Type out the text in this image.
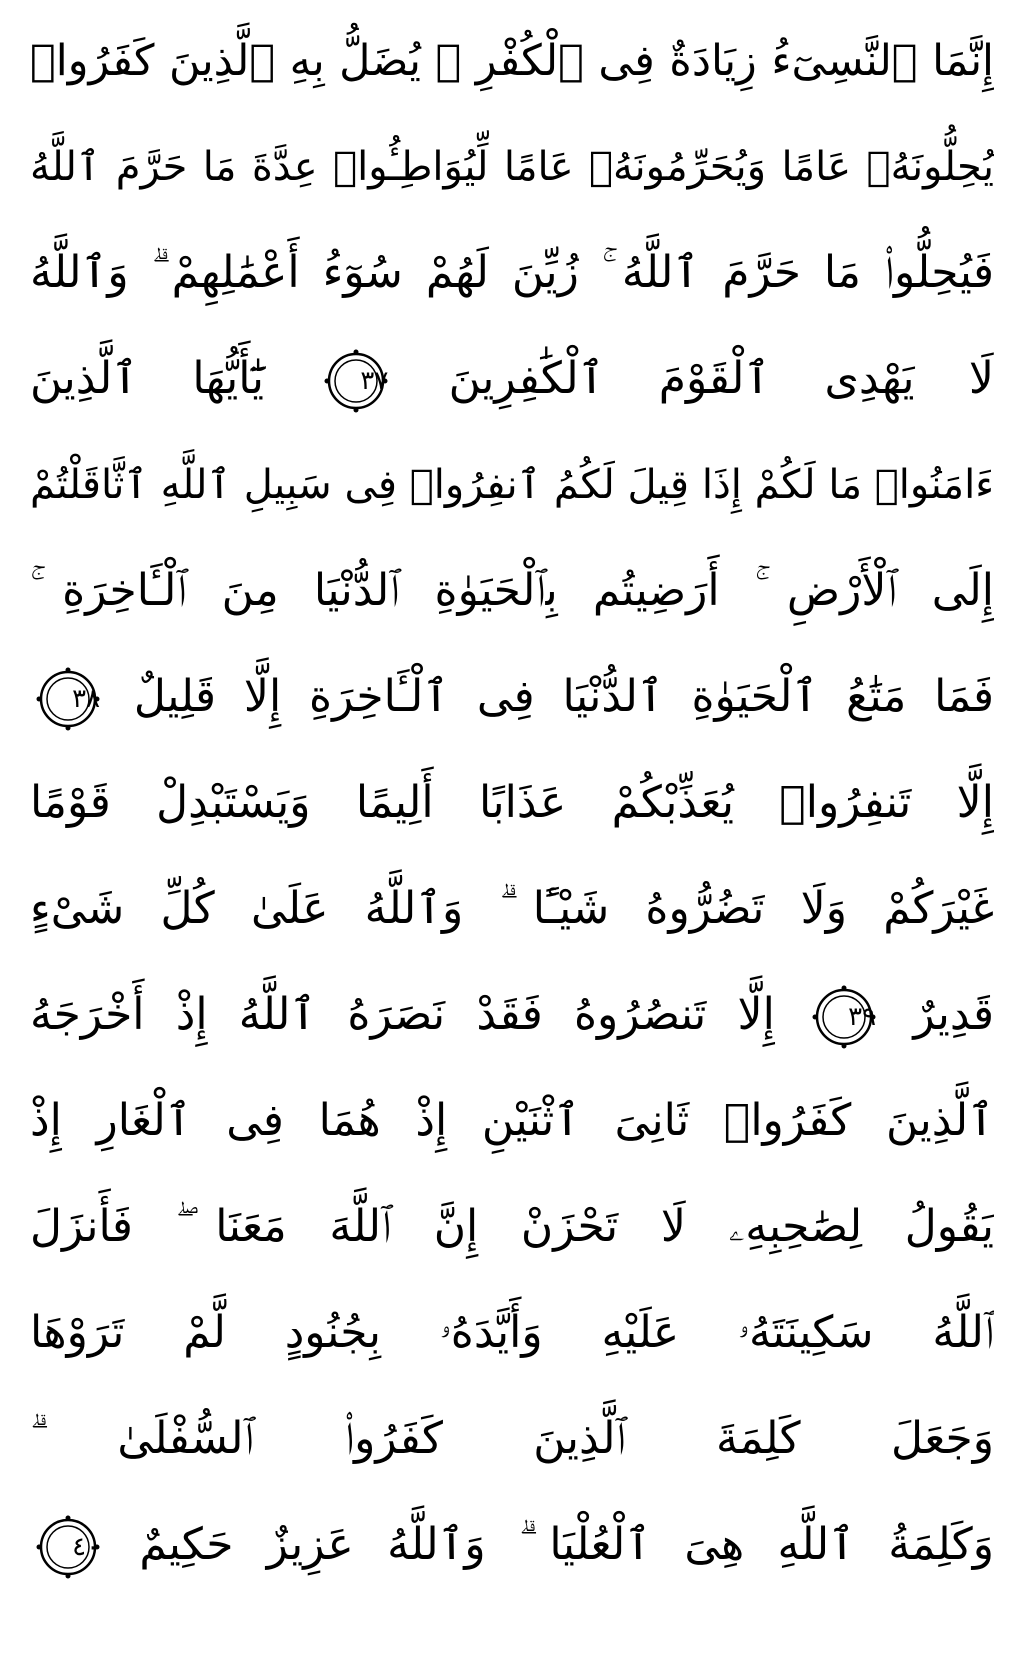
إِنَّمَا ٱلنَّسِىٓءُ زِيَادَةٌ فِى ٱلْكُفْرِ ۖ يُضَلُّ بِهِ ٱلَّذِينَ كَفَرُوا۟
يُحِلُّونَهُۥ عَامًا وَيُحَرِّمُونَهُۥ عَامًا لِّيُوَاطِـُٔوا۟ عِدَّةَ مَا حَرَّمَ ٱللَّهُ
فَيُحِلُّوا۟ مَا حَرَّمَ ٱللَّهُ ۚ زُيِّنَ لَهُمْ سُوٓءُ أَعْمَٰلِهِمْ ۗ وَٱللَّهُ
لَا يَهْدِى ٱلْقَوْمَ ٱلْكَٰفِرِينَ
٣٧
يَٰٓأَيُّهَا ٱلَّذِينَ
ءَامَنُوا۟ مَا لَكُمْ إِذَا قِيلَ لَكُمُ ٱنفِرُوا۟ فِى سَبِيلِ ٱللَّهِ ٱثَّاقَلْتُمْ
إِلَى ٱلْأَرْضِ ۚ أَرَضِيتُم بِٱلْحَيَوٰةِ ٱلدُّنْيَا مِنَ ٱلْـَٔاخِرَةِ ۚ
فَمَا مَتَٰعُ ٱلْحَيَوٰةِ ٱلدُّنْيَا فِى ٱلْـَٔاخِرَةِ إِلَّا قَلِيلٌ
٣٨
إِلَّا تَنفِرُوا۟ يُعَذِّبْكُمْ عَذَابًا أَلِيمًا وَيَسْتَبْدِلْ قَوْمًا
غَيْرَكُمْ وَلَا تَضُرُّوهُ شَيْـًٔا ۗ وَٱللَّهُ عَلَىٰ كُلِّ شَىْءٍ
قَدِيرٌ
٣٩
إِلَّا تَنصُرُوهُ فَقَدْ نَصَرَهُ ٱللَّهُ إِذْ أَخْرَجَهُ
ٱلَّذِينَ كَفَرُوا۟ ثَانِىَ ٱثْنَيْنِ إِذْ هُمَا فِى ٱلْغَارِ إِذْ
يَقُولُ لِصَٰحِبِهِۦ لَا تَحْزَنْ إِنَّ ٱللَّهَ مَعَنَا ۖ فَأَنزَلَ
ٱللَّهُ سَكِينَتَهُۥ عَلَيْهِ وَأَيَّدَهُۥ بِجُنُودٍ لَّمْ تَرَوْهَا
وَجَعَلَ كَلِمَةَ ٱلَّذِينَ كَفَرُوا۟ ٱلسُّفْلَىٰ ۗ
وَكَلِمَةُ ٱللَّهِ هِىَ ٱلْعُلْيَا ۗ وَٱللَّهُ عَزِيزٌ حَكِيمٌ
٤٠
